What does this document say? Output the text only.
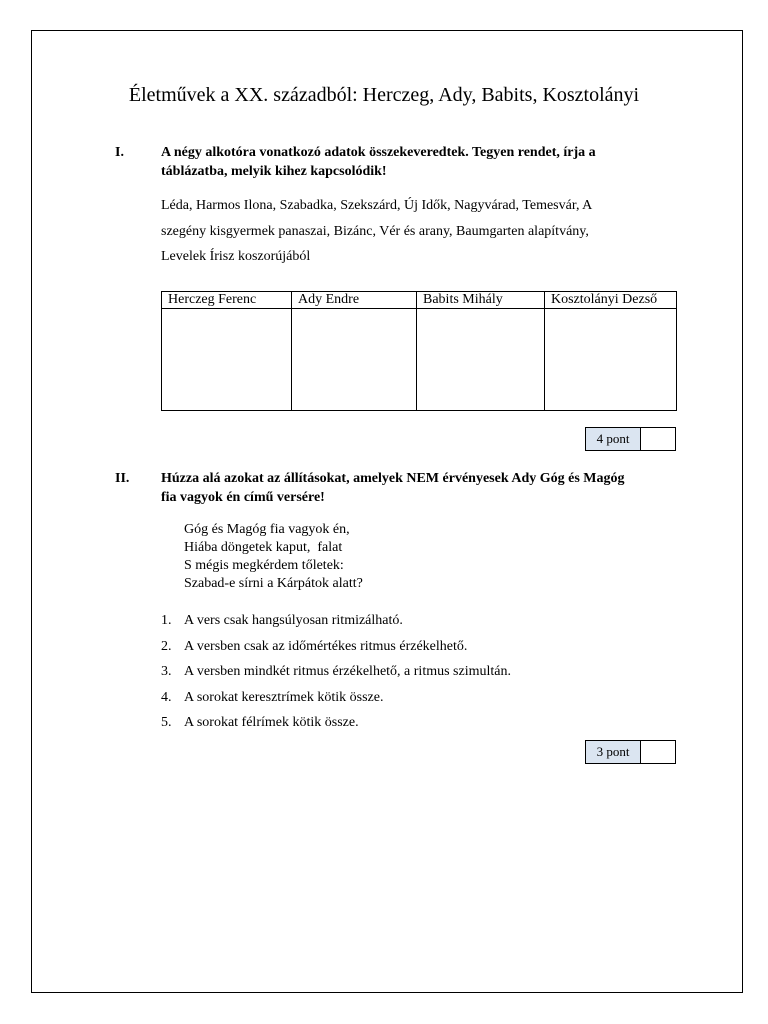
Életművek a XX. századból: Herczeg, Ady, Babits, Kosztolányi
I.	A négy alkotóra vonatkozó adatok összekeveredtek. Tegyen rendet, írja a
táblázatba, melyik kihez kapcsolódik!
Léda, Harmos Ilona, Szabadka, Szekszárd, Új Idők, Nagyvárad, Temesvár, A
szegény kisgyermek panaszai, Bizánc, Vér és arany, Baumgarten alapítvány,
Levelek Írisz koszorújából
Herczeg Ferenc	Ady Endre	Babits Mihály	Kosztolányi Dezső

4 pont
II. Húzza alá azokat az állításokat, amelyek NEM érvényesek Ady Góg és Magóg
fia vagyok én című versére!
Góg és Magóg fia vagyok én,
Hiába döngetek kaput,  falat
S mégis megkérdem tőletek:
Szabad-e sírni a Kárpátok alatt?
1. A vers csak hangsúlyosan ritmizálható.
2. A versben csak az időmértékes ritmus érzékelhető.
3. A versben mindkét ritmus érzékelhető, a ritmus szimultán.
4. A sorokat keresztrímek kötik össze.
5. A sorokat félrímek kötik össze.
3 pont
